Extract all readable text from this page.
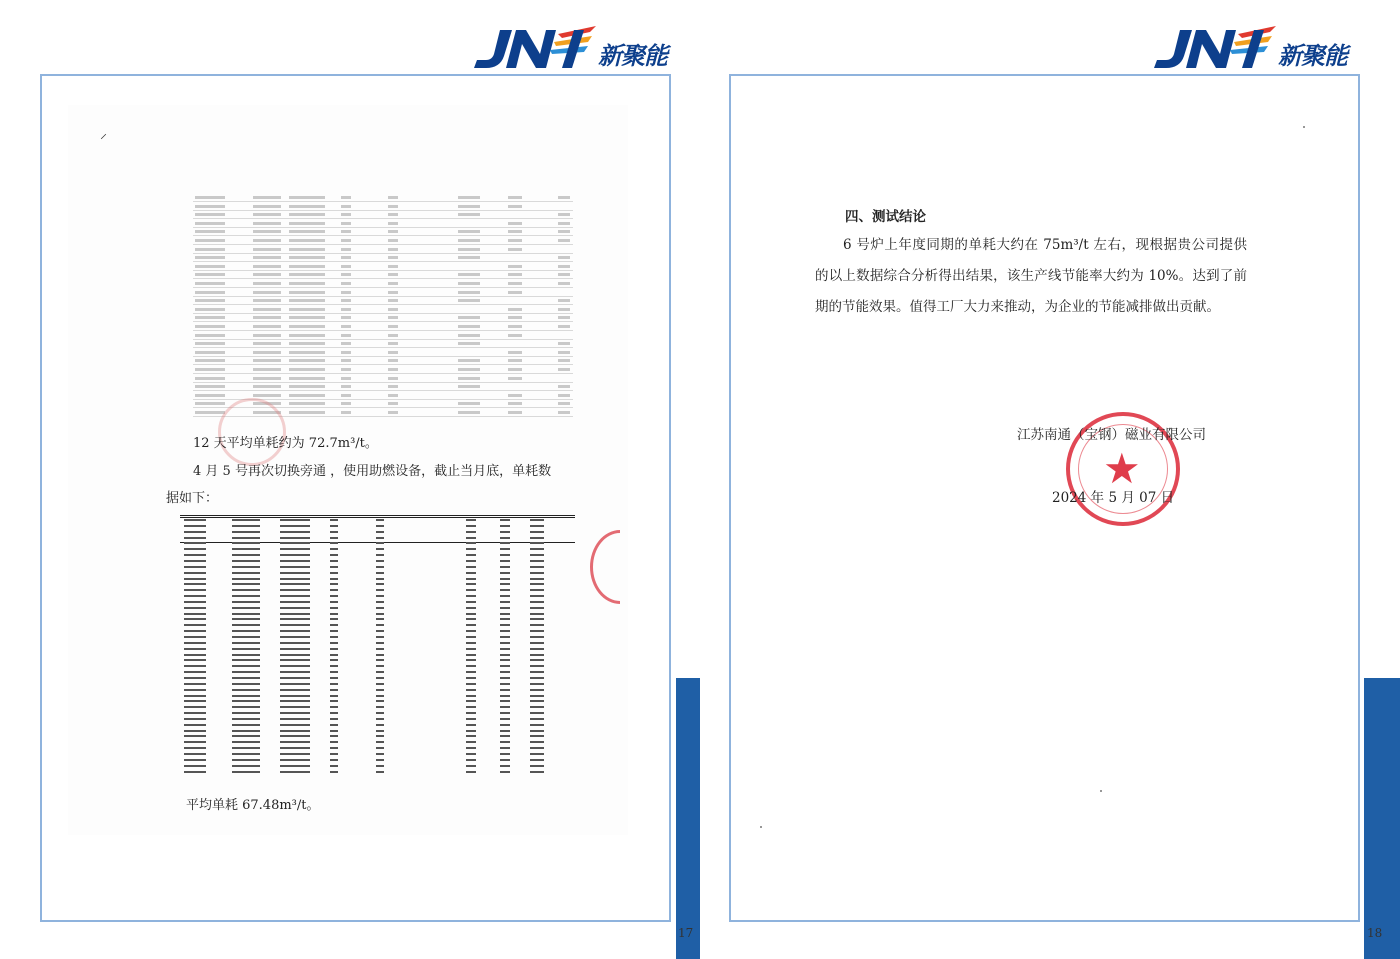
新聚能
⸝
12 天平均单耗约为 72.7m³/t。
4 月 5 号再次切换旁通 ，使用助燃设备，截止当月底，单耗数
据如下：
平均单耗 67.48m³/t。
17
新聚能
18
四、测试结论
6 号炉上年度同期的单耗大约在 75m³/t 左右，现根据贵公司提供的以上数据综合分析得出结果，该生产线节能率大约为 10%。达到了前期的节能效果。值得工厂大力来推动，为企业的节能减排做出贡献。
★
江苏南通（宝钢）磁业有限公司
2024 年 5 月 07 日
